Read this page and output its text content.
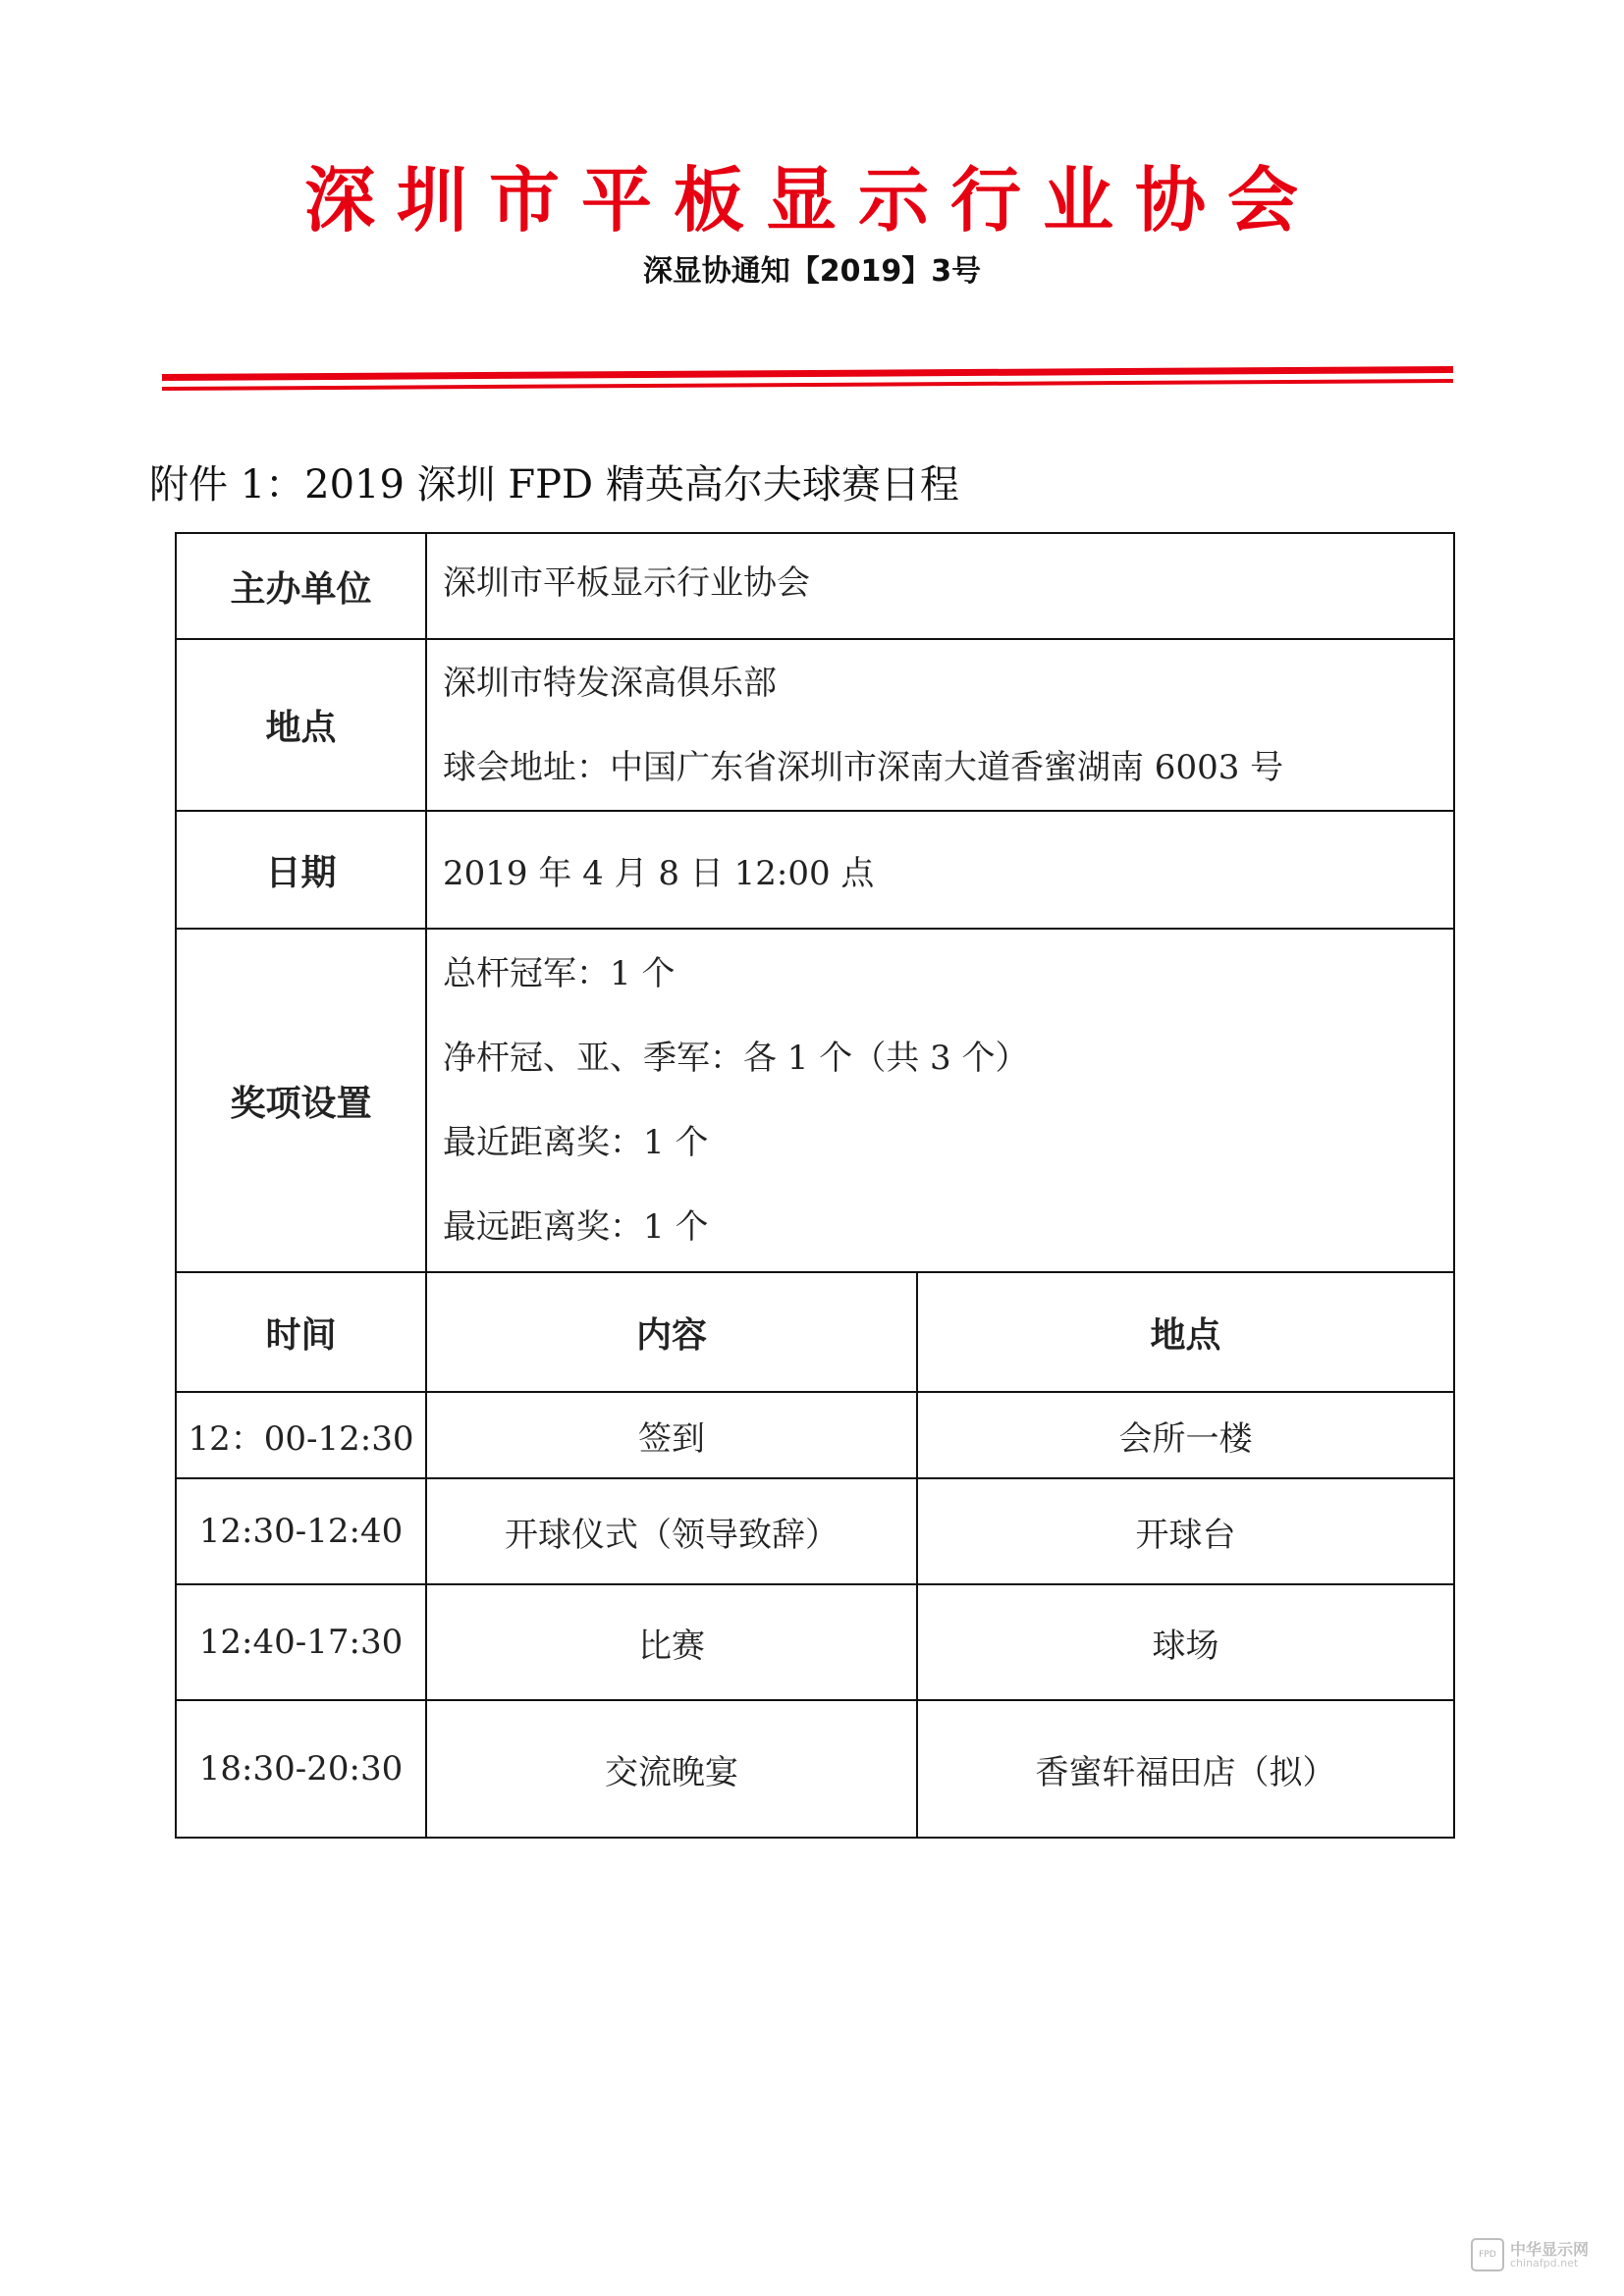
深圳市平板显示行业协会
深显协通知【2019】3号
附件 1：2019 深圳 FPD 精英高尔夫球赛日程
主办单位	深圳市平板显示行业协会	
地点	深圳市特发深高俱乐部
球会地址：中国广东省深圳市深南大道香蜜湖南 6003 号	

日期	2019 年 4 月 8 日 12:00 点	
奖项设置	总杆冠军：1 个
净杆冠、亚、季军：各 1 个（共 3 个）
最近距离奖：1 个
最远距离奖：1 个	

时间	内容	地点
12：00-12:30	签到	会所一楼
12:30-12:40	开球仪式（领导致辞）	开球台
12:40-17:30	比赛	球场
18:30-20:30	交流晚宴	香蜜轩福田店（拟）
FPD 中华显示网
chinafpd.net
